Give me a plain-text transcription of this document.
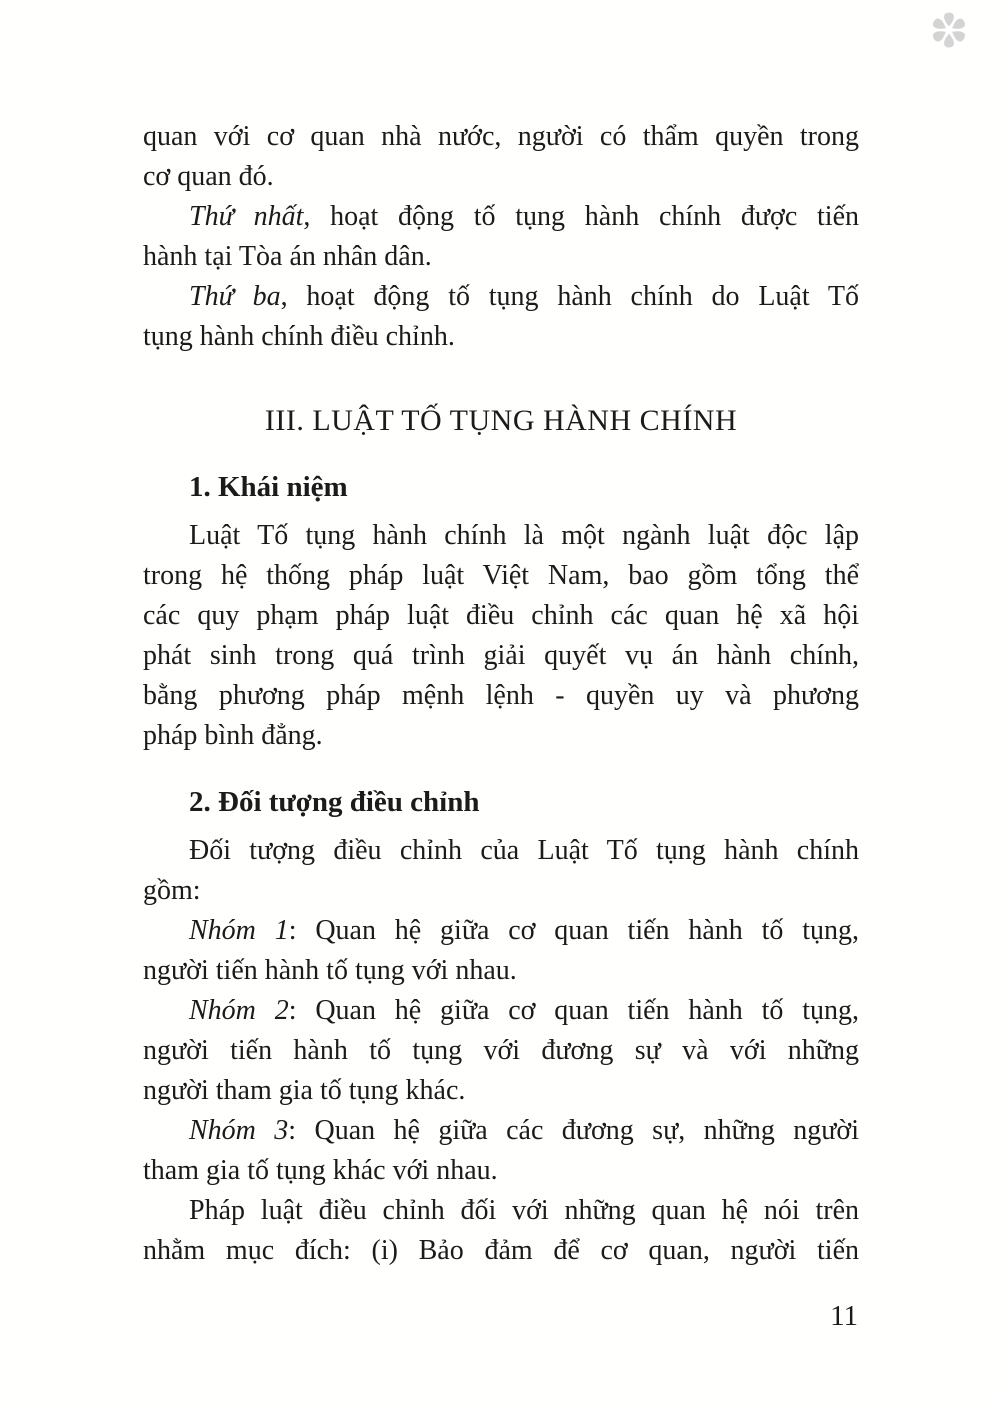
quan với cơ quan nhà nước, người có thẩm quyền trong
cơ quan đó.
Thứ nhất, hoạt động tố tụng hành chính được tiến
hành tại Tòa án nhân dân.
Thứ ba, hoạt động tố tụng hành chính do Luật Tố
tụng hành chính điều chỉnh.
III. LUẬT TỐ TỤNG HÀNH CHÍNH
1. Khái niệm
Luật Tố tụng hành chính là một ngành luật độc lập
trong hệ thống pháp luật Việt Nam, bao gồm tổng thể
các quy phạm pháp luật điều chỉnh các quan hệ xã hội
phát sinh trong quá trình giải quyết vụ án hành chính,
bằng phương pháp mệnh lệnh - quyền uy và phương
pháp bình đẳng.
2. Đối tượng điều chỉnh
Đối tượng điều chỉnh của Luật Tố tụng hành chính
gồm:
Nhóm 1: Quan hệ giữa cơ quan tiến hành tố tụng,
người tiến hành tố tụng với nhau.
Nhóm 2: Quan hệ giữa cơ quan tiến hành tố tụng,
người tiến hành tố tụng với đương sự và với những
người tham gia tố tụng khác.
Nhóm 3: Quan hệ giữa các đương sự, những người
tham gia tố tụng khác với nhau.
Pháp luật điều chỉnh đối với những quan hệ nói trên
nhằm mục đích: (i) Bảo đảm để cơ quan, người tiến
11
